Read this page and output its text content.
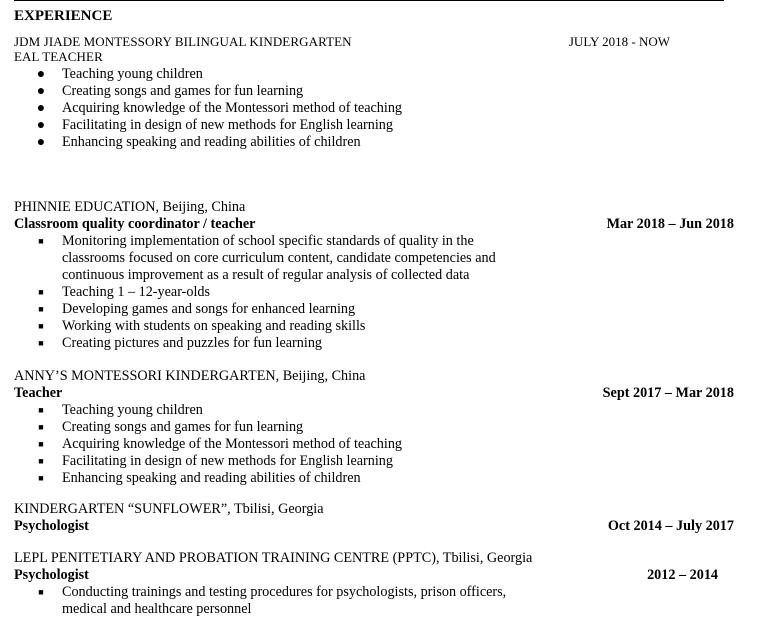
EXPERIENCE
JDM JIADE MONTESSORY BILINGUAL KINDERGARTEN	JULY 2018 - NOW
EAL TEACHER
● Teaching young children
● Creating songs and games for fun learning
● Acquiring knowledge of the Montessori method of teaching
● Facilitating in design of new methods for English learning
● Enhancing speaking and reading abilities of children
PHINNIE EDUCATION, Beijing, China
Classroom quality coordinator / teacher	Mar 2018 – Jun 2018
■ Monitoring implementation of school specific standards of quality in the classrooms focused on core curriculum content, candidate competencies and continuous improvement as a result of regular analysis of collected data
■ Teaching 1 – 12-year-olds
■ Developing games and songs for enhanced learning
■ Working with students on speaking and reading skills
■ Creating pictures and puzzles for fun learning
ANNY’S MONTESSORI KINDERGARTEN, Beijing, China
Teacher	Sept 2017 – Mar 2018
■ Teaching young children
■ Creating songs and games for fun learning
■ Acquiring knowledge of the Montessori method of teaching
■ Facilitating in design of new methods for English learning
■ Enhancing speaking and reading abilities of children
KINDERGARTEN “SUNFLOWER”, Tbilisi, Georgia
Psychologist	Oct 2014 – July 2017
LEPL PENITETIARY AND PROBATION TRAINING CENTRE (PPTC), Tbilisi, Georgia
Psychologist	2012 – 2014
■ Conducting trainings and testing procedures for psychologists, prison officers, medical and healthcare personnel
